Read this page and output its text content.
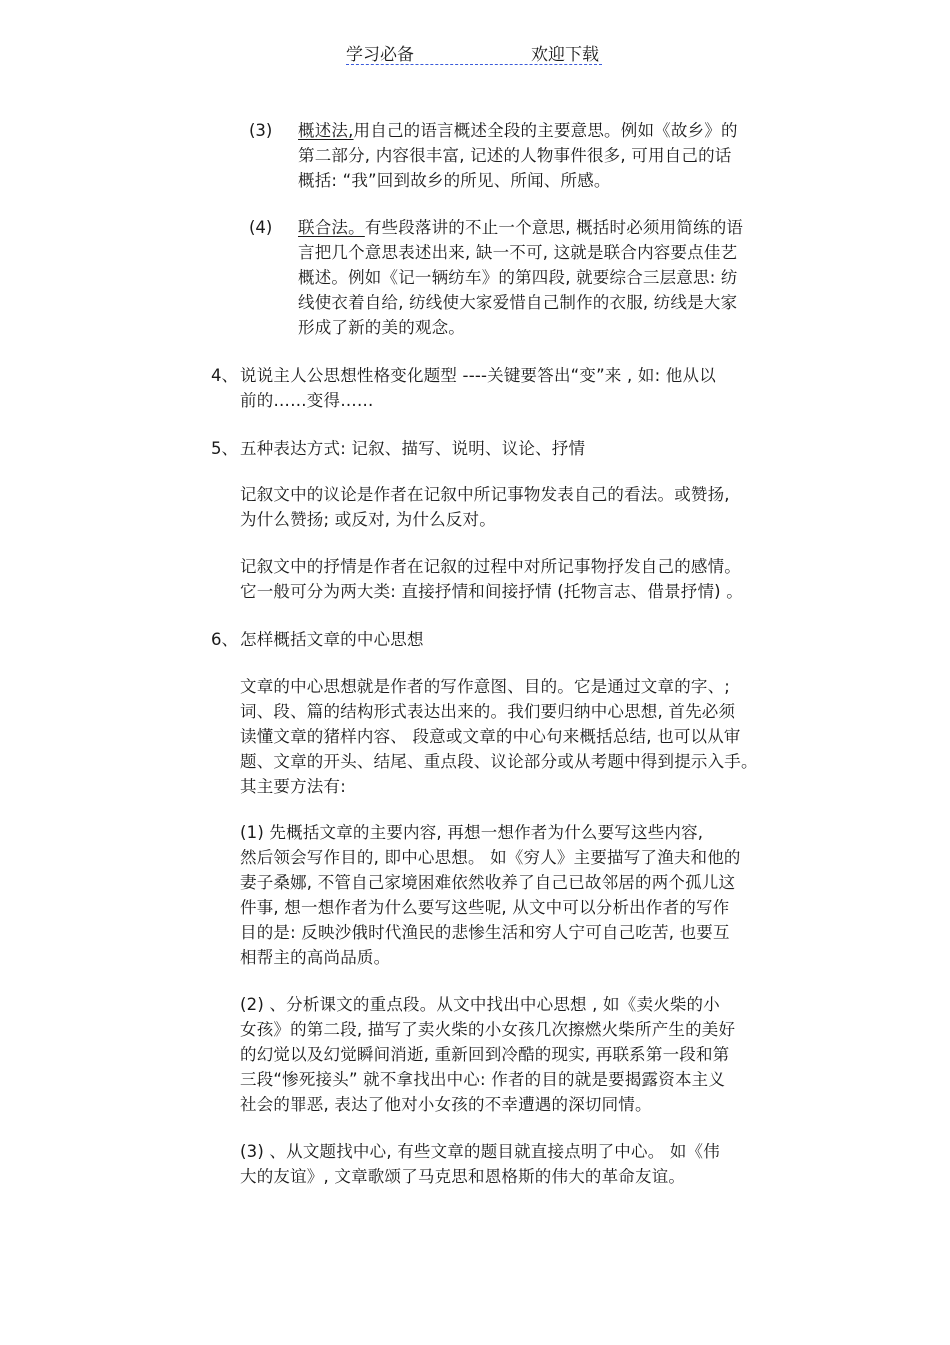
学习必备	欢迎下载
(3) 概述法,用自己的语言概述全段的主要意思。例如《故乡》的
第二部分, 内容很丰富, 记述的人物事件很多, 可用自己的话
概括: “我”回到故乡的所见、所闻、所感。
(4) 联合法。有些段落讲的不止一个意思, 概括时必须用简练的语
言把几个意思表述出来, 缺一不可, 这就是联合内容要点佳艺
概述。例如《记一辆纺车》的第四段, 就要综合三层意思: 纺
线使衣着自给, 纺线使大家爱惜自己制作的衣服, 纺线是大家
形成了新的美的观念。
4、 说说主人公思想性格变化题型 ----关键要答出“变”来 , 如: 他从以
前的……变得……
5、 五种表达方式: 记叙、描写、说明、议论、抒情
记叙文中的议论是作者在记叙中所记事物发表自己的看法。或赞扬,
为什么赞扬; 或反对, 为什么反对。
记叙文中的抒情是作者在记叙的过程中对所记事物抒发自己的感情。
它一般可分为两大类: 直接抒情和间接抒情 (托物言志、借景抒情) 。
6、 怎样概括文章的中心思想
文章的中心思想就是作者的写作意图、目的。它是通过文章的字、;
词、段、篇的结构形式表达出来的。我们要归纳中心思想, 首先必须
读懂文章的猪样内容、 段意或文章的中心句来概括总结, 也可以从审
题、文章的开头、结尾、重点段、议论部分或从考题中得到提示入手。
其主要方法有:
(1) 先概括文章的主要内容, 再想一想作者为什么要写这些内容,
然后领会写作目的, 即中心思想。 如《穷人》主要描写了渔夫和他的
妻子桑娜, 不管自己家境困难依然收养了自己已故邻居的两个孤儿这
件事, 想一想作者为什么要写这些呢, 从文中可以分析出作者的写作
目的是: 反映沙俄时代渔民的悲惨生活和穷人宁可自己吃苦, 也要互
相帮主的高尚品质。
(2) 、分析课文的重点段。从文中找出中心思想 , 如《卖火柴的小
女孩》的第二段, 描写了卖火柴的小女孩几次擦燃火柴所产生的美好
的幻觉以及幻觉瞬间消逝, 重新回到冷酷的现实, 再联系第一段和第
三段“惨死接头” 就不拿找出中心: 作者的目的就是要揭露资本主义
社会的罪恶, 表达了他对小女孩的不幸遭遇的深切同情。
(3) 、从文题找中心, 有些文章的题目就直接点明了中心。 如《伟
大的友谊》, 文章歌颂了马克思和恩格斯的伟大的革命友谊。
